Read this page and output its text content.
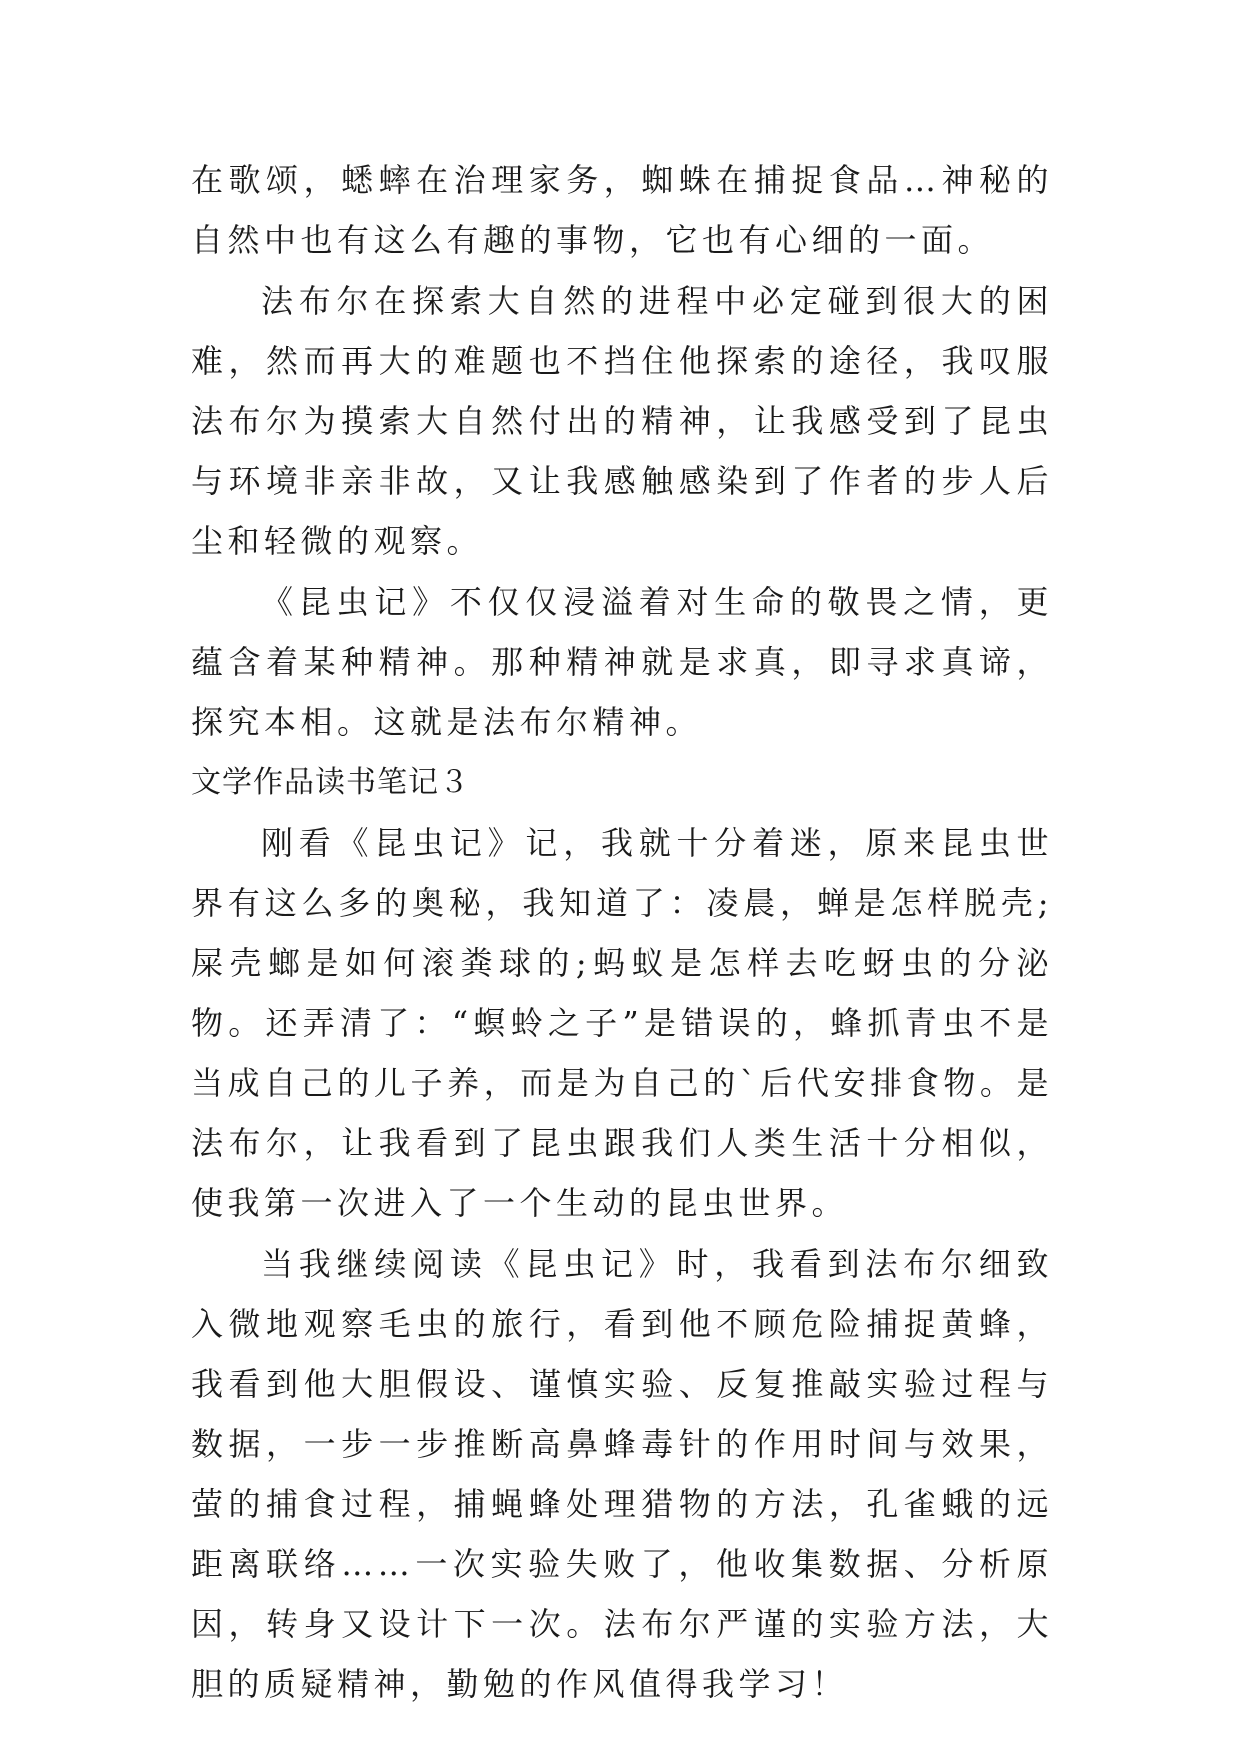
在歌颂，蟋蟀在治理家务，蜘蛛在捕捉食品…神秘的自然中也有这么有趣的事物，它也有心细的一面。

法布尔在探索大自然的进程中必定碰到很大的困难，然而再大的难题也不挡住他探索的途径，我叹服法布尔为摸索大自然付出的精神，让我感受到了昆虫与环境非亲非故，又让我感触感染到了作者的步人后尘和轻微的观察。

《昆虫记》不仅仅浸溢着对生命的敬畏之情，更蕴含着某种精神。那种精神就是求真，即寻求真谛，探究本相。这就是法布尔精神。

文学作品读书笔记３

刚看《昆虫记》记，我就十分着迷，原来昆虫世界有这么多的奥秘，我知道了：凌晨，蝉是怎样脱壳;屎壳螂是如何滚粪球的;蚂蚁是怎样去吃蚜虫的分泌物。还弄清了：“螟蛉之子”是错误的，蜂抓青虫不是当成自己的儿子养，而是为自己的`后代安排食物。是法布尔，让我看到了昆虫跟我们人类生活十分相似，使我第一次进入了一个生动的昆虫世界。

当我继续阅读《昆虫记》时，我看到法布尔细致入微地观察毛虫的旅行，看到他不顾危险捕捉黄蜂，我看到他大胆假设、谨慎实验、反复推敲实验过程与数据，一步一步推断高鼻蜂毒针的作用时间与效果，萤的捕食过程，捕蝇蜂处理猎物的方法，孔雀蛾的远距离联络……一次实验失败了，他收集数据、分析原因，转身又设计下一次。法布尔严谨的实验方法，大胆的质疑精神，勤勉的作风值得我学习！
